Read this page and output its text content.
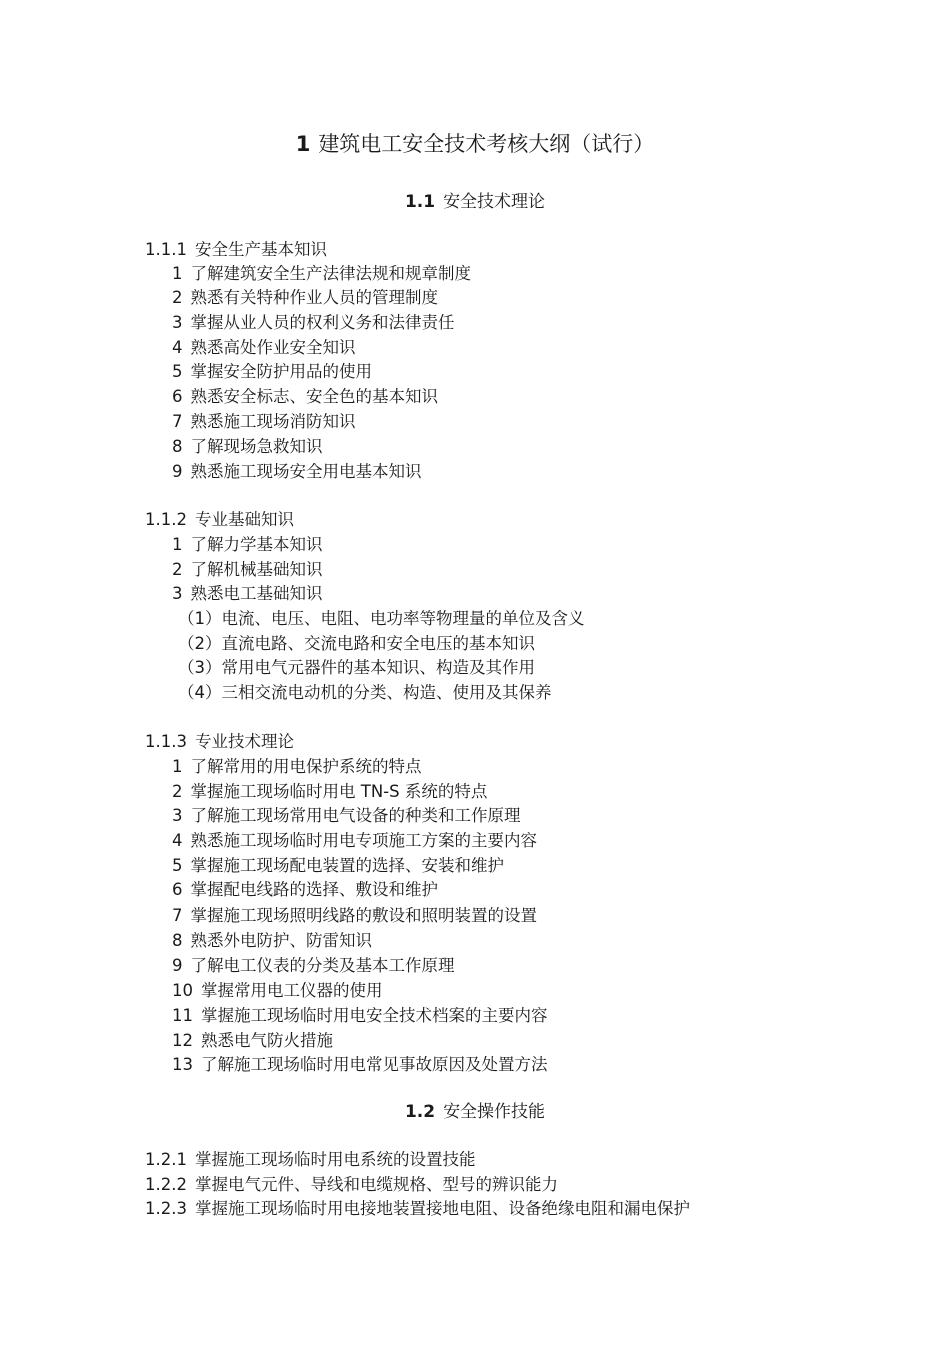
1 建筑电工安全技术考核大纲（试行）
1.1 安全技术理论
1.1.1 安全生产基本知识
1 了解建筑安全生产法律法规和规章制度
2 熟悉有关特种作业人员的管理制度
3 掌握从业人员的权利义务和法律责任
4 熟悉高处作业安全知识
5 掌握安全防护用品的使用
6 熟悉安全标志、安全色的基本知识
7 熟悉施工现场消防知识
8 了解现场急救知识
9 熟悉施工现场安全用电基本知识
1.1.2 专业基础知识
1 了解力学基本知识
2 了解机械基础知识
3 熟悉电工基础知识
（1）电流、电压、电阻、电功率等物理量的单位及含义
（2）直流电路、交流电路和安全电压的基本知识
（3）常用电气元器件的基本知识、构造及其作用
（4）三相交流电动机的分类、构造、使用及其保养
1.1.3 专业技术理论
1 了解常用的用电保护系统的特点
2 掌握施工现场临时用电 TN-S 系统的特点
3 了解施工现场常用电气设备的种类和工作原理
4 熟悉施工现场临时用电专项施工方案的主要内容
5 掌握施工现场配电装置的选择、安装和维护
6 掌握配电线路的选择、敷设和维护
7 掌握施工现场照明线路的敷设和照明装置的设置
8 熟悉外电防护、防雷知识
9 了解电工仪表的分类及基本工作原理
10 掌握常用电工仪器的使用
11 掌握施工现场临时用电安全技术档案的主要内容
12 熟悉电气防火措施
13 了解施工现场临时用电常见事故原因及处置方法
1.2 安全操作技能
1.2.1 掌握施工现场临时用电系统的设置技能
1.2.2 掌握电气元件、导线和电缆规格、型号的辨识能力
1.2.3 掌握施工现场临时用电接地装置接地电阻、设备绝缘电阻和漏电保护
